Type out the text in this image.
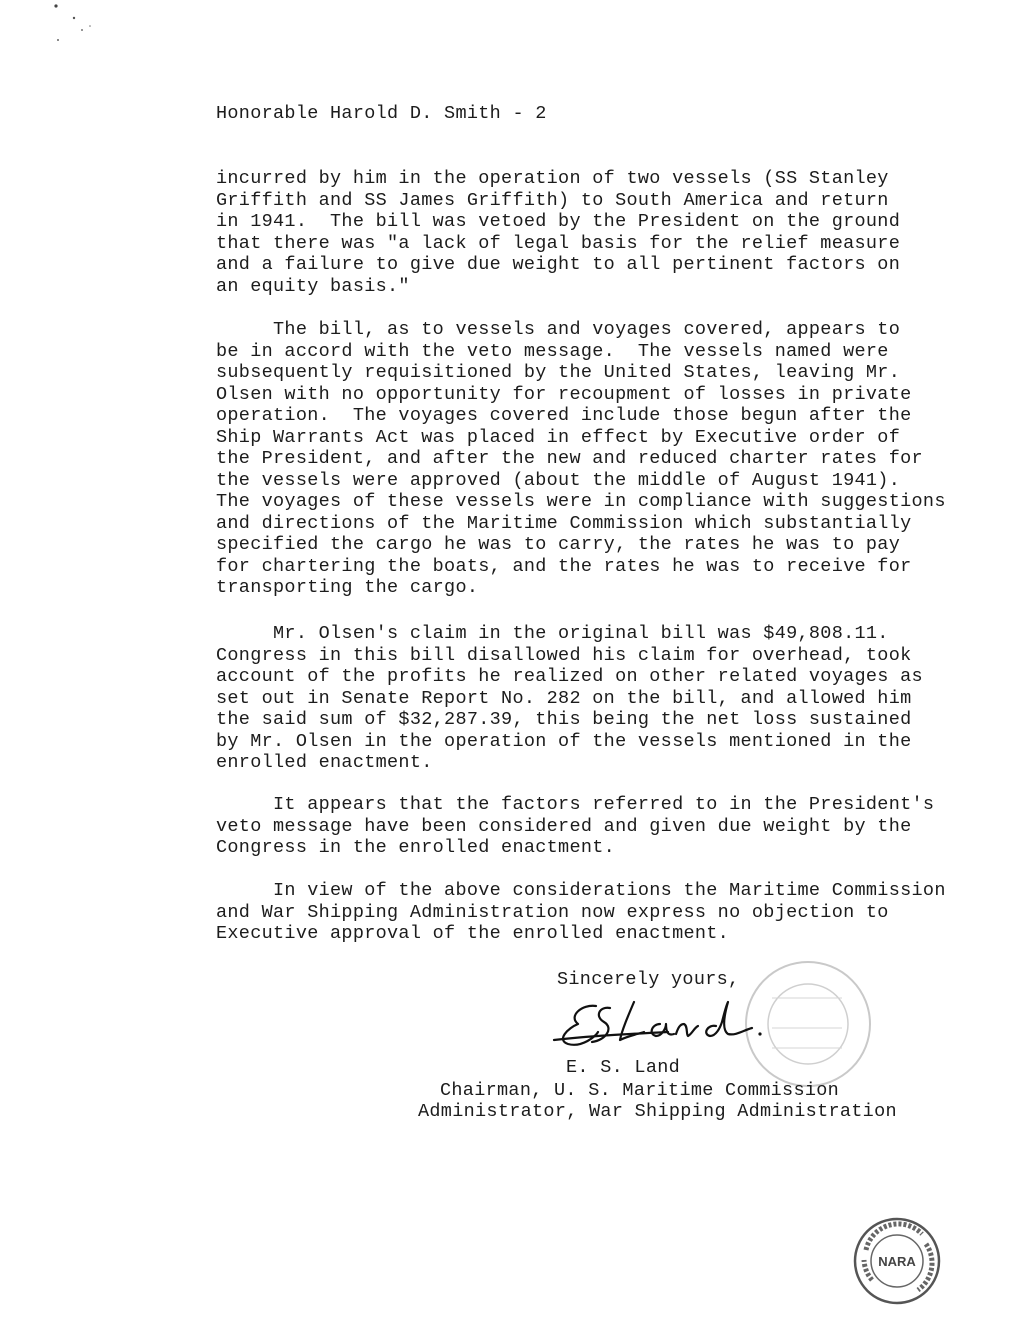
Honorable Harold D. Smith - 2

incurred by him in the operation of two vessels (SS Stanley
Griffith and SS James Griffith) to South America and return
in 1941.  The bill was vetoed by the President on the ground
that there was "a lack of legal basis for the relief measure
and a failure to give due weight to all pertinent factors on
an equity basis."

The bill, as to vessels and voyages covered, appears to
be in accord with the veto message.  The vessels named were
subsequently requisitioned by the United States, leaving Mr.
Olsen with no opportunity for recoupment of losses in private
operation.  The voyages covered include those begun after the
Ship Warrants Act was placed in effect by Executive order of
the President, and after the new and reduced charter rates for
the vessels were approved (about the middle of August 1941).
The voyages of these vessels were in compliance with suggestions
and directions of the Maritime Commission which substantially
specified the cargo he was to carry, the rates he was to pay
for chartering the boats, and the rates he was to receive for
transporting the cargo.

Mr. Olsen's claim in the original bill was $49,808.11.
Congress in this bill disallowed his claim for overhead, took
account of the profits he realized on other related voyages as
set out in Senate Report No. 282 on the bill, and allowed him
the said sum of $32,287.39, this being the net loss sustained
by Mr. Olsen in the operation of the vessels mentioned in the
enrolled enactment.

It appears that the factors referred to in the President's
veto message have been considered and given due weight by the
Congress in the enrolled enactment.

In view of the above considerations the Maritime Commission
and War Shipping Administration now express no objection to
Executive approval of the enrolled enactment.

Sincerely yours,
E. S. Land
Chairman, U. S. Maritime Commission
Administrator, War Shipping Administration
NARA
